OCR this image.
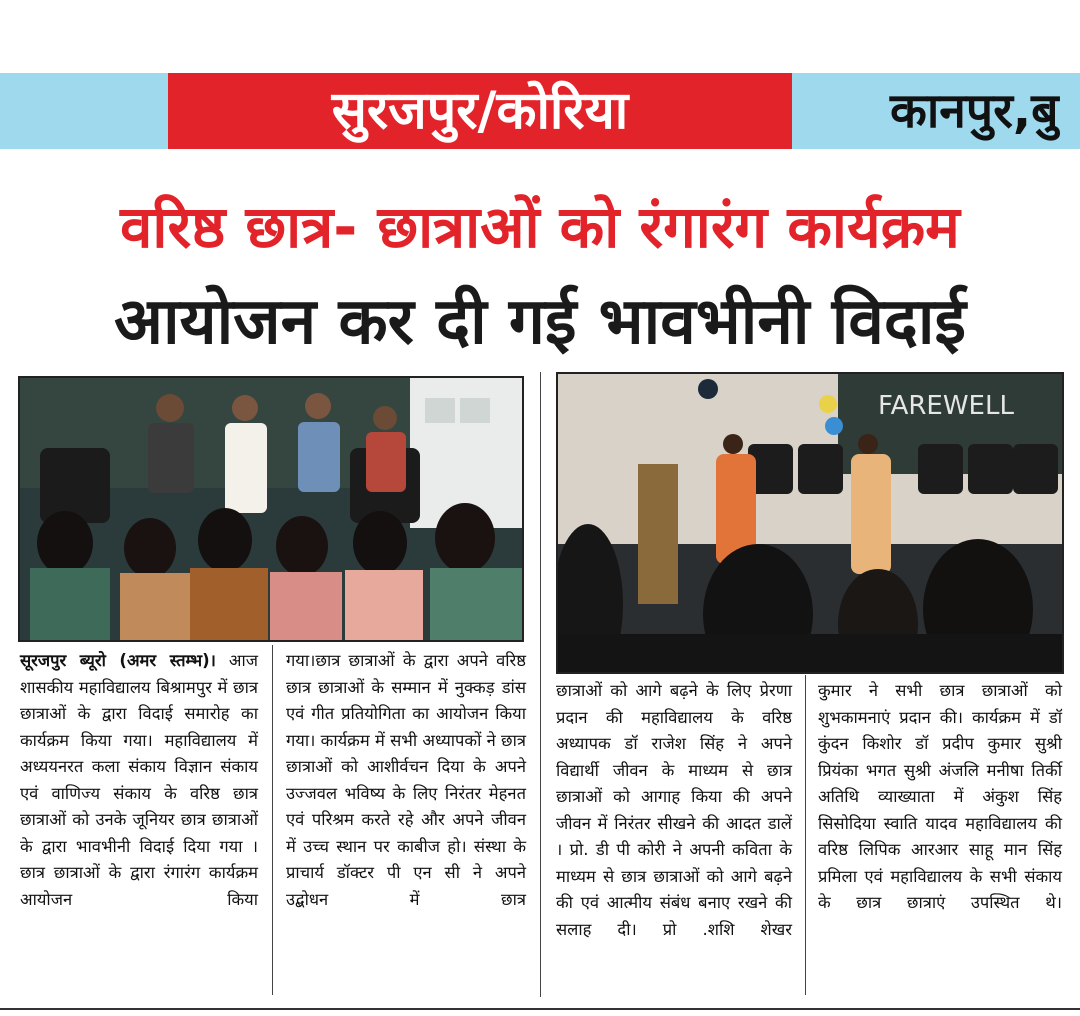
सुरजपुर/कोरिया	कानपुर,बु
वरिष्ठ छात्र- छात्राओं को रंगारंग कार्यक्रम
आयोजन कर दी गई भावभीनी विदाई
FAREWELL

सूरजपुर ब्यूरो (अमर स्तम्भ)। आज शासकीय महाविद्यालय बिश्रामपुर में छात्र छात्राओं के द्वारा विदाई समारोह का कार्यक्रम किया गया। महाविद्यालय में अध्ययनरत कला संकाय विज्ञान संकाय एवं वाणिज्य संकाय के वरिष्ठ छात्र छात्राओं को उनके जूनियर छात्र छात्राओं के द्वारा भावभीनी विदाई दिया गया ।छात्र छात्राओं के द्वारा रंगारंग कार्यक्रम आयोजन किया

गया।छात्र छात्राओं के द्वारा अपने वरिष्ठ छात्र छात्राओं के सम्मान में नुक्कड़ डांस एवं गीत प्रतियोगिता का आयोजन किया गया। कार्यक्रम में सभी अध्यापकों ने छात्र छात्राओं को आशीर्वचन दिया के अपने उज्जवल भविष्य के लिए निरंतर मेहनत एवं परिश्रम करते रहे और अपने जीवन में उच्च स्थान पर काबीज हो। संस्था के प्राचार्य डॉक्टर पी एन सी ने अपने उद्बोधन में छात्र

छात्राओं को आगे बढ़ने के लिए प्रेरणा प्रदान की महाविद्यालय के वरिष्ठ अध्यापक डॉ राजेश सिंह ने अपने विद्यार्थी जीवन के माध्यम से छात्र छात्राओं को आगाह किया की अपने जीवन में निरंतर सीखने की आदत डालें । प्रो. डी पी कोरी ने अपनी कविता के माध्यम से छात्र छात्राओं को आगे बढ़ने की एवं आत्मीय संबंध बनाए रखने की सलाह दी। प्रो .शशि शेखर

कुमार ने सभी छात्र छात्राओं को शुभकामनाएं प्रदान की। कार्यक्रम में डॉ कुंदन किशोर डॉ प्रदीप कुमार सुश्री प्रियंका भगत सुश्री अंजलि मनीषा तिर्की अतिथि व्याख्याता में अंकुश सिंह सिसोदिया स्वाति यादव महाविद्यालय की वरिष्ठ लिपिक आरआर साहू मान सिंह प्रमिला एवं महाविद्यालय के सभी संकाय के छात्र छात्राएं उपस्थित थे।
